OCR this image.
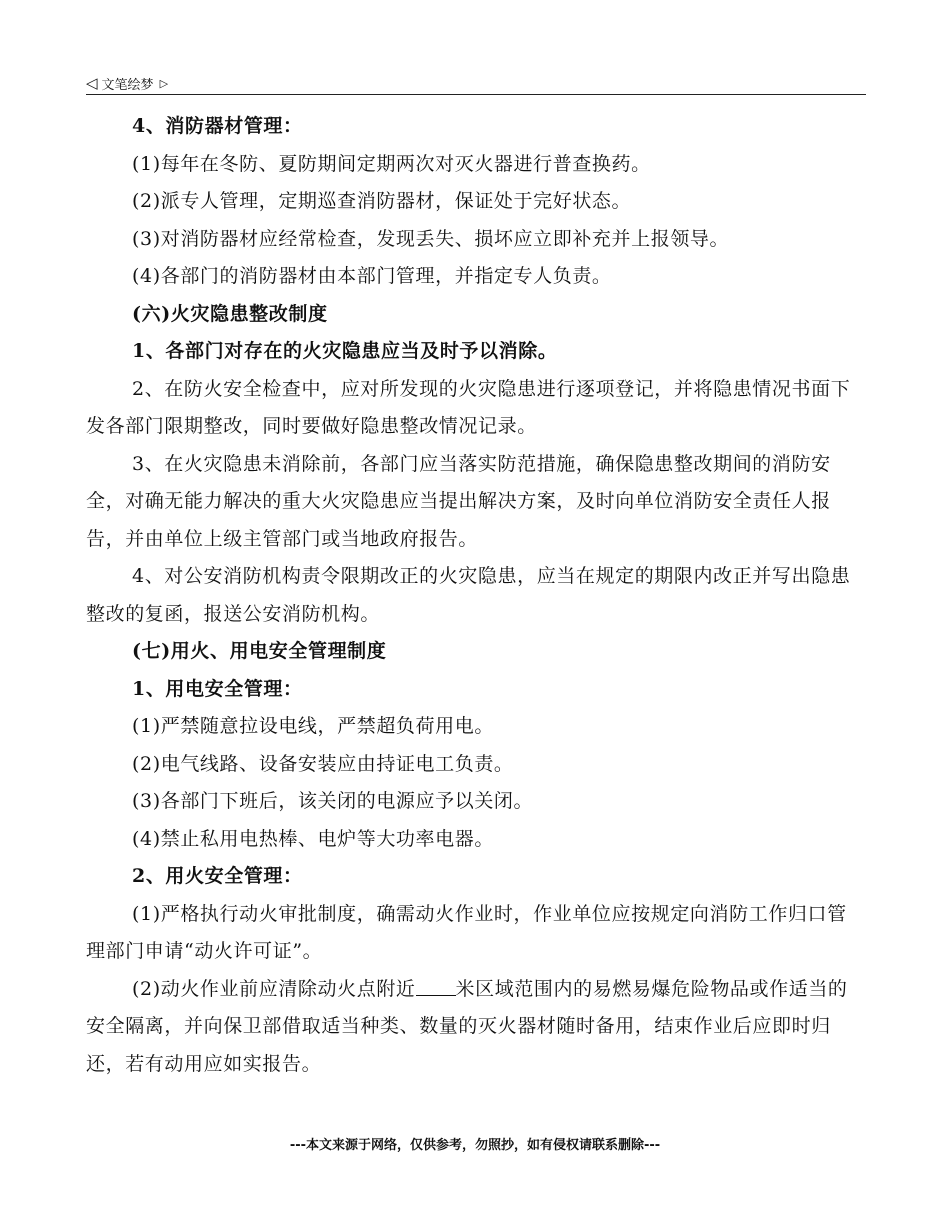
◁ 文笔绘梦 ▷

4、消防器材管理：

(1)每年在冬防、夏防期间定期两次对灭火器进行普查换药。

(2)派专人管理，定期巡查消防器材，保证处于完好状态。

(3)对消防器材应经常检查，发现丢失、损坏应立即补充并上报领导。

(4)各部门的消防器材由本部门管理，并指定专人负责。

(六)火灾隐患整改制度

1、各部门对存在的火灾隐患应当及时予以消除。

2、在防火安全检查中，应对所发现的火灾隐患进行逐项登记，并将隐患情况书面下发各部门限期整改，同时要做好隐患整改情况记录。

3、在火灾隐患未消除前，各部门应当落实防范措施，确保隐患整改期间的消防安全，对确无能力解决的重大火灾隐患应当提出解决方案，及时向单位消防安全责任人报告，并由单位上级主管部门或当地政府报告。

4、对公安消防机构责令限期改正的火灾隐患，应当在规定的期限内改正并写出隐患整改的复函，报送公安消防机构。

(七)用火、用电安全管理制度

1、用电安全管理：

(1)严禁随意拉设电线，严禁超负荷用电。

(2)电气线路、设备安装应由持证电工负责。

(3)各部门下班后，该关闭的电源应予以关闭。

(4)禁止私用电热棒、电炉等大功率电器。

2、用火安全管理：

(1)严格执行动火审批制度，确需动火作业时，作业单位应按规定向消防工作归口管理部门申请“动火许可证”。

(2)动火作业前应清除动火点附近 米区域范围内的易燃易爆危险物品或作适当的安全隔离，并向保卫部借取适当种类、数量的灭火器材随时备用，结束作业后应即时归还，若有动用应如实报告。

---本文来源于网络，仅供参考，勿照抄，如有侵权请联系删除---
